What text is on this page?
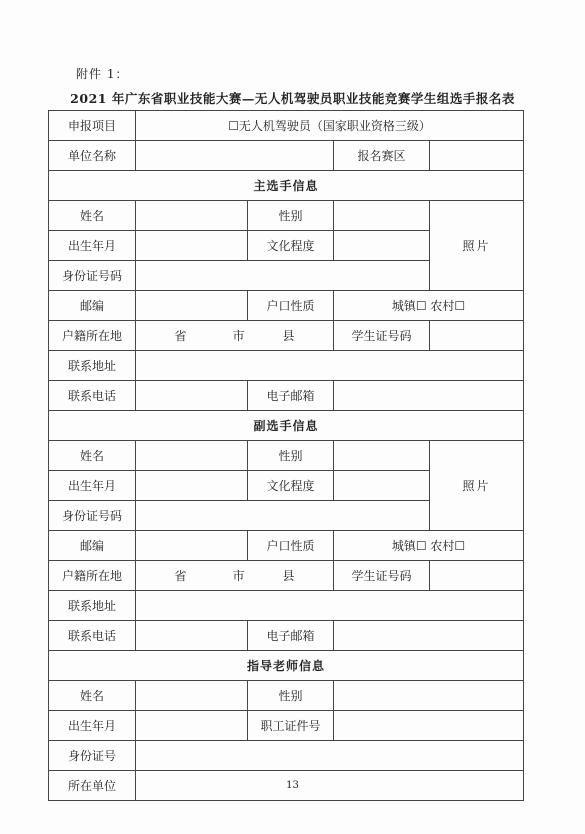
附件 1：
2021 年广东省职业技能大赛—无人机驾驶员职业技能竞赛学生组选手报名表
申报项目	☐无人机驾驶员（国家职业资格三级）			
单位名称			报名赛区	
主选手信息				
姓名		性别		照片
出生年月		文化程度		
身份证号码				
邮编		户口性质	城镇☐ 农村☐	
户籍所在地	省 市 县		学生证号码	
联系地址				
联系电话		电子邮箱		
副选手信息				
姓名		性别		照片
出生年月		文化程度		
身份证号码				
邮编		户口性质	城镇☐ 农村☐	
户籍所在地	省 市 县		学生证号码	
联系地址				
联系电话		电子邮箱		
指导老师信息				
姓名		性别		
出生年月		职工证件号		
身份证号				
所在单位					13
